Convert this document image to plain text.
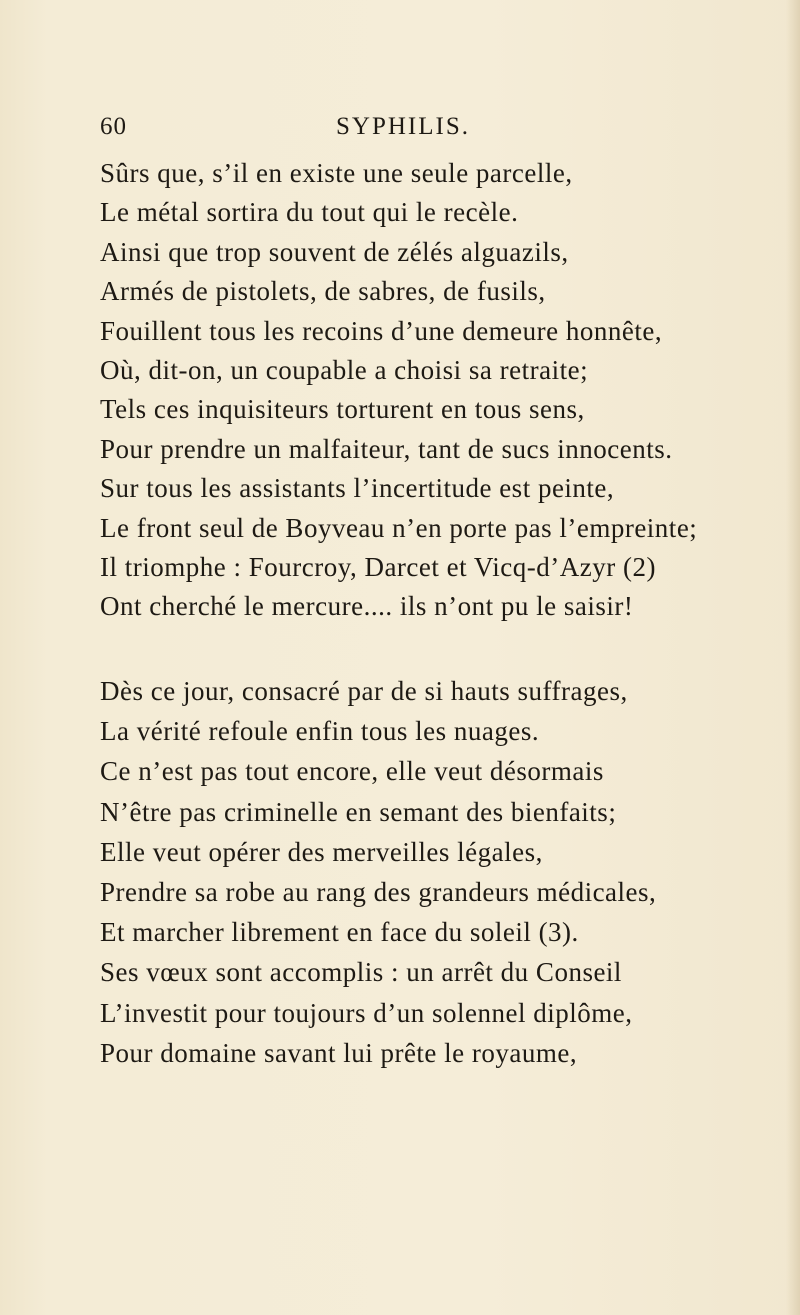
60	SYPHILIS.
Sûrs que, s’il en existe une seule parcelle,
Le métal sortira du tout qui le recèle.
Ainsi que trop souvent de zélés alguazils,
Armés de pistolets, de sabres, de fusils,
Fouillent tous les recoins d’une demeure honnête,
Où, dit-on, un coupable a choisi sa retraite;
Tels ces inquisiteurs torturent en tous sens,
Pour prendre un malfaiteur, tant de sucs innocents.
Sur tous les assistants l’incertitude est peinte,
Le front seul de Boyveau n’en porte pas l’empreinte;
Il triomphe : Fourcroy, Darcet et Vicq-d’Azyr (2)
Ont cherché le mercure.... ils n’ont pu le saisir!
Dès ce jour, consacré par de si hauts suffrages,
La vérité refoule enfin tous les nuages.
Ce n’est pas tout encore, elle veut désormais
N’être pas criminelle en semant des bienfaits;
Elle veut opérer des merveilles légales,
Prendre sa robe au rang des grandeurs médicales,
Et marcher librement en face du soleil (3).
Ses vœux sont accomplis : un arrêt du Conseil
L’investit pour toujours d’un solennel diplôme,
Pour domaine savant lui prête le royaume,
